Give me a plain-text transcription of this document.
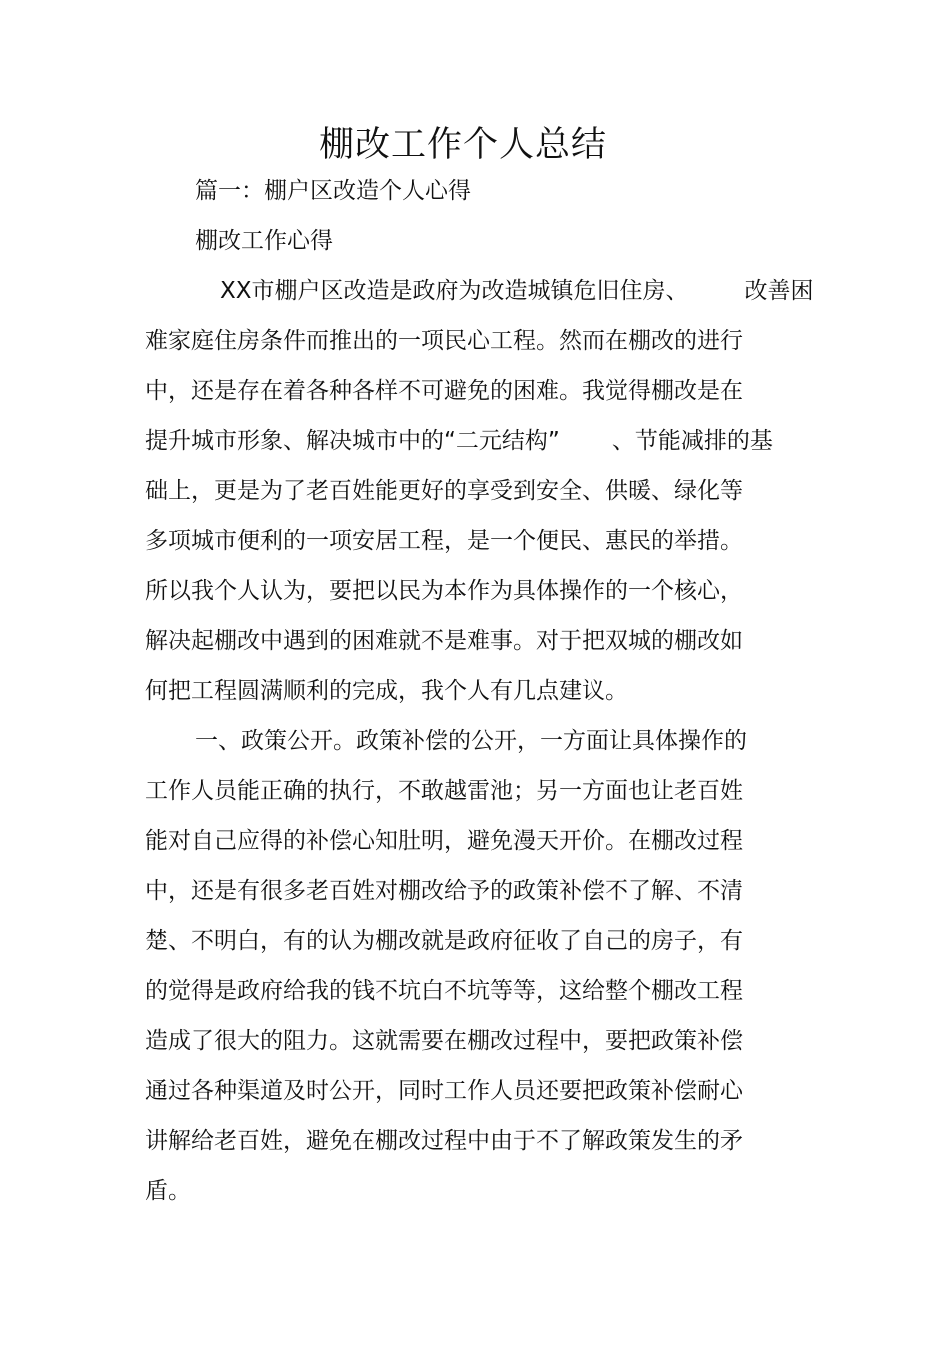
棚改工作个人总结

篇一：棚户区改造个人心得

棚改工作心得

XX市棚户区改造是政府为改造城镇危旧住房、 改善困

难家庭住房条件而推出的一项民心工程。然而在棚改的进行

中，还是存在着各种各样不可避免的困难。我觉得棚改是在

提升城市形象、解决城市中的“二元结构” 、节能减排的基

础上，更是为了老百姓能更好的享受到安全、供暖、绿化等

多项城市便利的一项安居工程，是一个便民、惠民的举措。

所以我个人认为，要把以民为本作为具体操作的一个核心，

解决起棚改中遇到的困难就不是难事。对于把双城的棚改如

何把工程圆满顺利的完成，我个人有几点建议。

一、政策公开。政策补偿的公开，一方面让具体操作的

工作人员能正确的执行，不敢越雷池；另一方面也让老百姓

能对自己应得的补偿心知肚明，避免漫天开价。在棚改过程

中，还是有很多老百姓对棚改给予的政策补偿不了解、不清

楚、不明白，有的认为棚改就是政府征收了自己的房子，有

的觉得是政府给我的钱不坑白不坑等等，这给整个棚改工程

造成了很大的阻力。这就需要在棚改过程中，要把政策补偿

通过各种渠道及时公开，同时工作人员还要把政策补偿耐心

讲解给老百姓，避免在棚改过程中由于不了解政策发生的矛

盾。
